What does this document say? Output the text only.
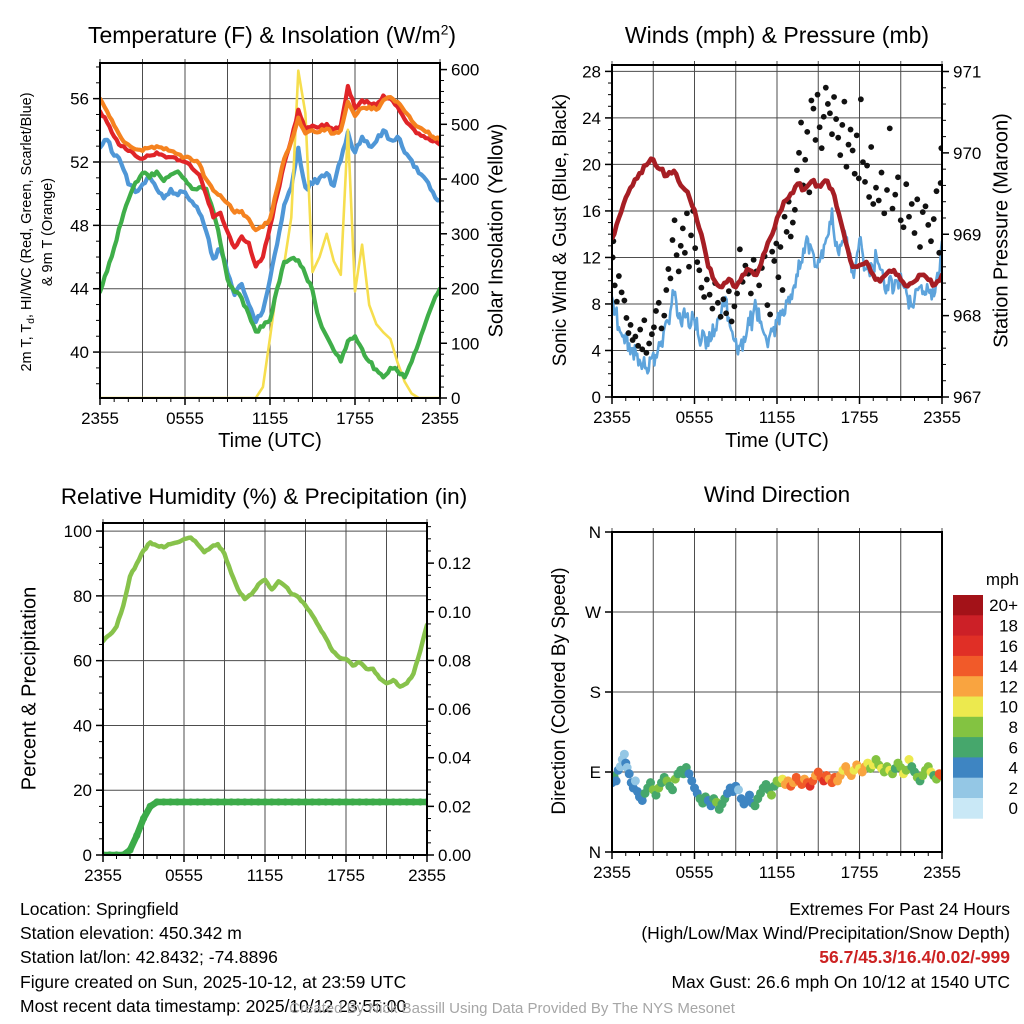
40
44
48
52
56
0
100
200
300
400
500
600
2355	0555	1155	1755	2355
0
4
8
12
16
20
24
28
967
968
969
970
971
2355	0555	1155	1755	2355
0
20
40
60
80
100
0.00
0.02
0.04
0.06
0.08
0.10
0.12
2355	0555	1155	1755	2355
N
E
S
W
N
2355	0555	1155	1755	2355
mph
20+
18
16
14
12
10
8
6
4
2
0
Temperature (F) & Insolation $(W/m^2)$	Winds (mph) & Pressure (mb)
Relative Humidity (%) & Precipitation (in)	Wind Direction
2m T, $T_d$, HI/WC (Red, Green, Scarlet/Blue) & 9m T (Orange)	Solar Insolation (Yellow) Sonic Wind & Gust (Blue, Black)	Station Pressure (Maroon)
Percent & Precipitation	Direction (Colored By Speed)
Time (UTC)	Time (UTC)
Location: Springfield
Station elevation: 450.342 m
Station lat/lon: 42.8432; -74.8896
Figure created on Sun, 2025-10-12, at 23:59 UTC
Most recent data timestamp: 2025/10/12 23:55:00
Extremes For Past 24 Hours
(High/Low/Max Wind/Precipitation/Snow Depth)
56.7/45.3/16.4/0.02/-999
Max Gust: 26.6 mph On 10/12 at 1540 UTC
Created By Nick Bassill Using Data Provided By The NYS Mesonet
